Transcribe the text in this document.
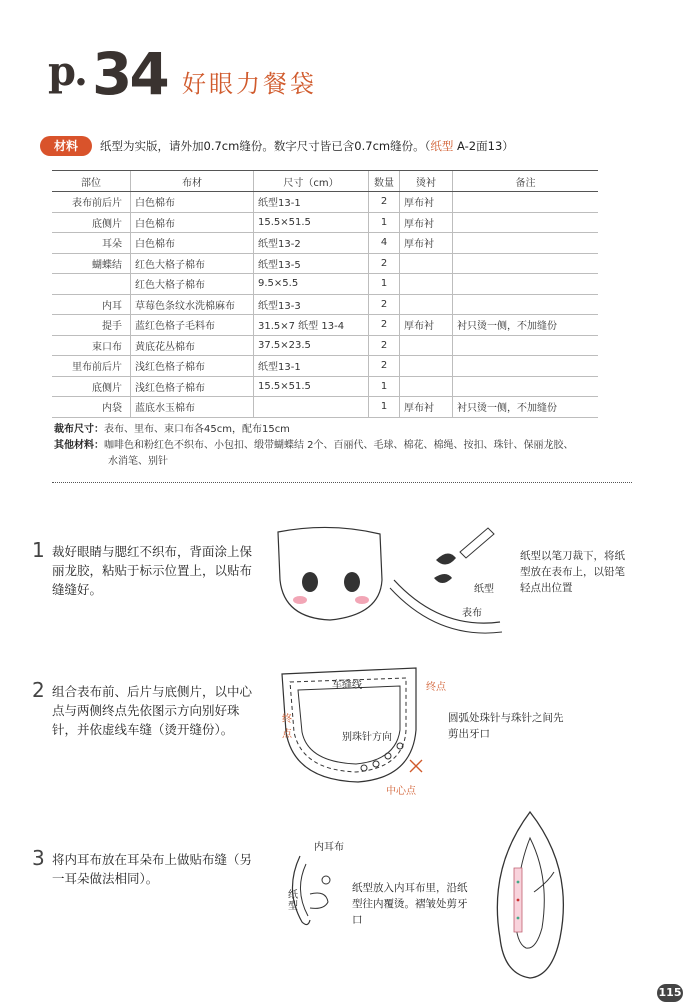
p. 34 好眼力餐袋
材料	纸型为实版，请外加0.7cm缝份。数字尺寸皆已含0.7cm缝份。（纸型 A-2面13）
部位	布材	尺寸（cm）	数量	烫衬	备注
表布前后片	白色棉布	纸型13-1	2	厚布衬	
底侧片	白色棉布	15.5×51.5	1	厚布衬	
耳朵	白色棉布	纸型13-2	4	厚布衬	
蝴蝶结	红色大格子棉布	纸型13-5	2		
	红色大格子棉布	9.5×5.5	1		
内耳	草莓色条纹水洗棉麻布	纸型13-3	2		
提手	蓝红色格子毛料布	31.5×7 纸型 13-4	2	厚布衬	衬只烫一侧，不加缝份
束口布	黄底花丛棉布	37.5×23.5	2		
里布前后片	浅红色格子棉布	纸型13-1	2		
底侧片	浅红色格子棉布	15.5×51.5	1		
内袋	蓝底水玉棉布		1	厚布衬	衬只烫一侧，不加缝份
裁布尺寸：表布、里布、束口布各45cm，配布15cm
其他材料：咖啡色和粉红色不织布、小包扣、缎带蝴蝶结 2个、百丽代、毛球、棉花、棉绳、按扣、珠针、保丽龙胶、
水消笔、别针
1 裁好眼睛与腮红不织布，背面涂上保丽龙胶，粘贴于标示位置上，以贴布缝缝好。	纸型
表布
纸型以笔刀裁下，将纸型放在表布上，以铅笔轻点出位置
2 组合表布前、后片与底侧片，以中心点与两侧终点先依图示方向别好珠针，并依虚线车缝（烫开缝份）。
车缝线	终点
终点	别珠针方向
中心点
圆弧处珠针与珠针之间先剪出牙口
3 将内耳布放在耳朵布上做贴布缝（另一耳朵做法相同）。
内耳布
纸型
纸型放入内耳布里，沿纸型往内覆烫。褶皱处剪牙口
115
